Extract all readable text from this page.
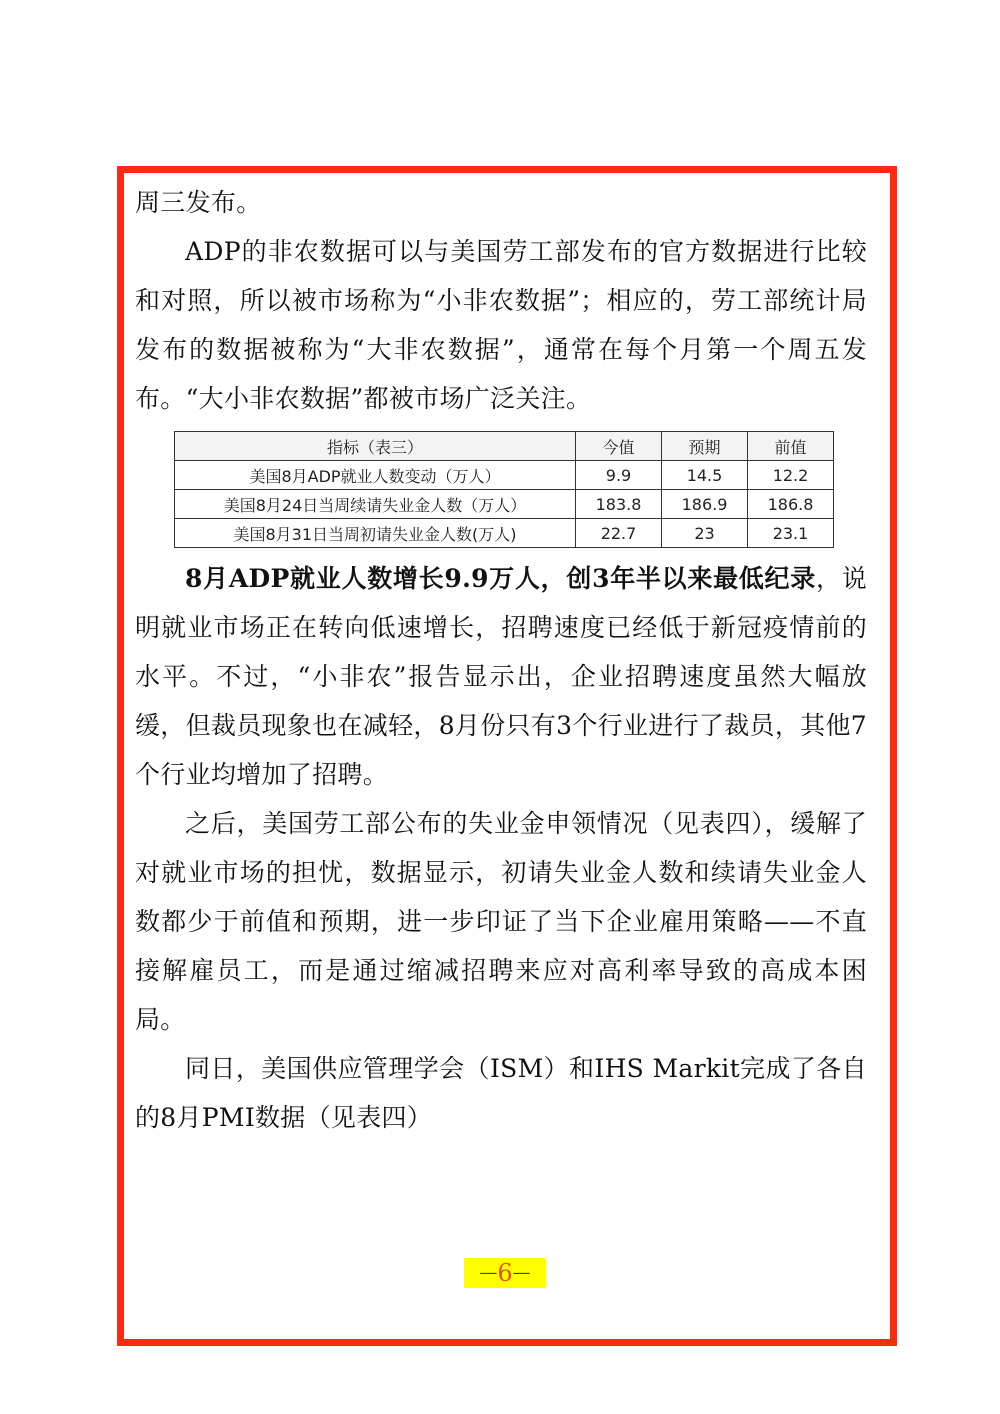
周三发布。

ADP的非农数据可以与美国劳工部发布的官方数据进行比较和对照，所以被市场称为“小非农数据”；相应的，劳工部统计局发布的数据被称为“大非农数据”，通常在每个月第一个周五发布。“大小非农数据”都被市场广泛关注。

指标（表三）	今值	预期	前值
美国8月ADP就业人数变动（万人）	9.9	14.5	12.2
美国8月24日当周续请失业金人数（万人）	183.8	186.9	186.8
美国8月31日当周初请失业金人数(万人)	22.7	23	23.1

8月ADP就业人数增长9.9万人，创3年半以来最低纪录，说明就业市场正在转向低速增长，招聘速度已经低于新冠疫情前的水平。不过，“小非农”报告显示出，企业招聘速度虽然大幅放缓，但裁员现象也在减轻，8月份只有3个行业进行了裁员，其他7个行业均增加了招聘。

之后，美国劳工部公布的失业金申领情况（见表四），缓解了对就业市场的担忧，数据显示，初请失业金人数和续请失业金人数都少于前值和预期，进一步印证了当下企业雇用策略——不直接解雇员工，而是通过缩减招聘来应对高利率导致的高成本困局。

同日，美国供应管理学会（ISM）和IHS Markit完成了各自的8月PMI数据（见表四）

—6—
